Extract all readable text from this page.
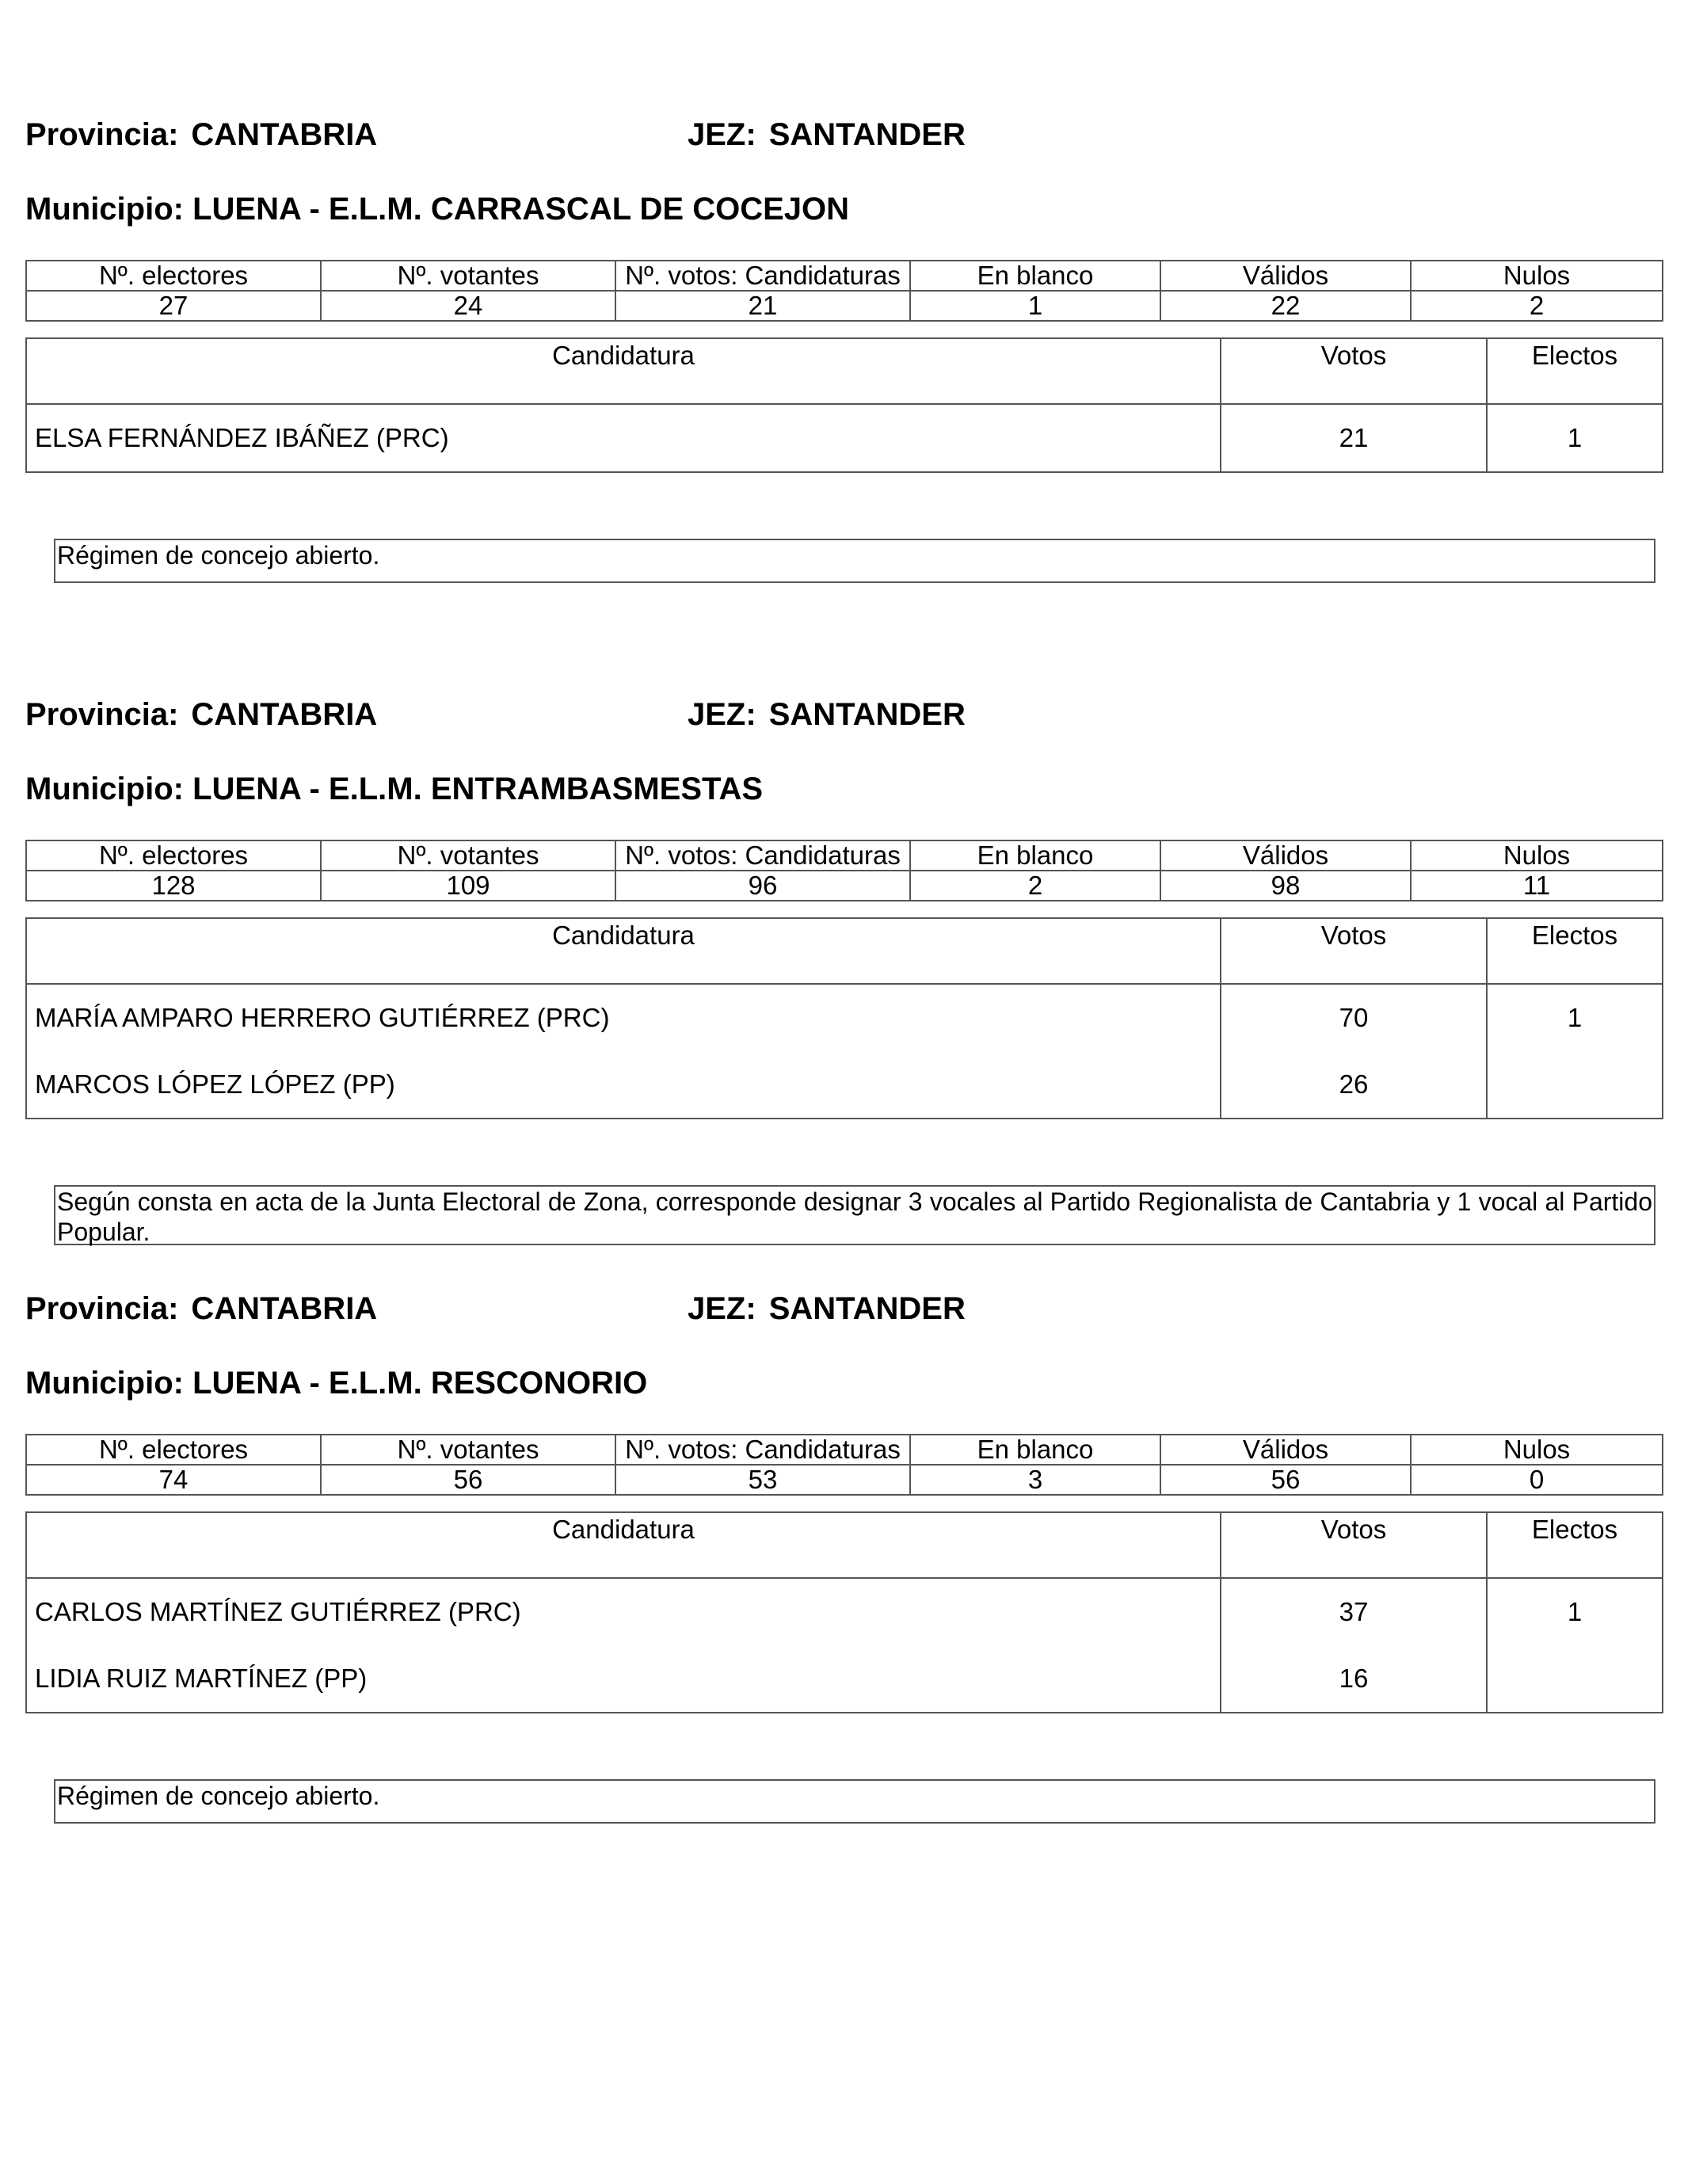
Provincia: CANTABRIA	JEZ: SANTANDER
Municipio: LUENA - E.L.M. CARRASCAL DE COCEJON
Nº. electores	Nº. votantes	Nº. votos: Candidaturas	En blanco	Válidos	Nulos
27	24	21	1	22	2
Candidatura	Votos	Electos
ELSA FERNÁNDEZ IBÁÑEZ (PRC)	21	1
Régimen de concejo abierto.
Provincia: CANTABRIA	JEZ: SANTANDER
Municipio: LUENA - E.L.M. ENTRAMBASMESTAS
Nº. electores	Nº. votantes	Nº. votos: Candidaturas	En blanco	Válidos	Nulos
128	109	96	2	98	11
Candidatura	Votos	Electos
MARÍA AMPARO HERRERO GUTIÉRREZ (PRC)	70	1
MARCOS LÓPEZ LÓPEZ (PP)	26	
Según consta en acta de la Junta Electoral de Zona, corresponde designar 3 vocales al Partido Regionalista de Cantabria y 1 vocal al Partido Popular.
Provincia: CANTABRIA	JEZ: SANTANDER
Municipio: LUENA - E.L.M. RESCONORIO
Nº. electores	Nº. votantes	Nº. votos: Candidaturas	En blanco	Válidos	Nulos
74	56	53	3	56	0
Candidatura	Votos	Electos
CARLOS MARTÍNEZ GUTIÉRREZ (PRC)	37	1
LIDIA RUIZ MARTÍNEZ (PP)	16	
Régimen de concejo abierto.
